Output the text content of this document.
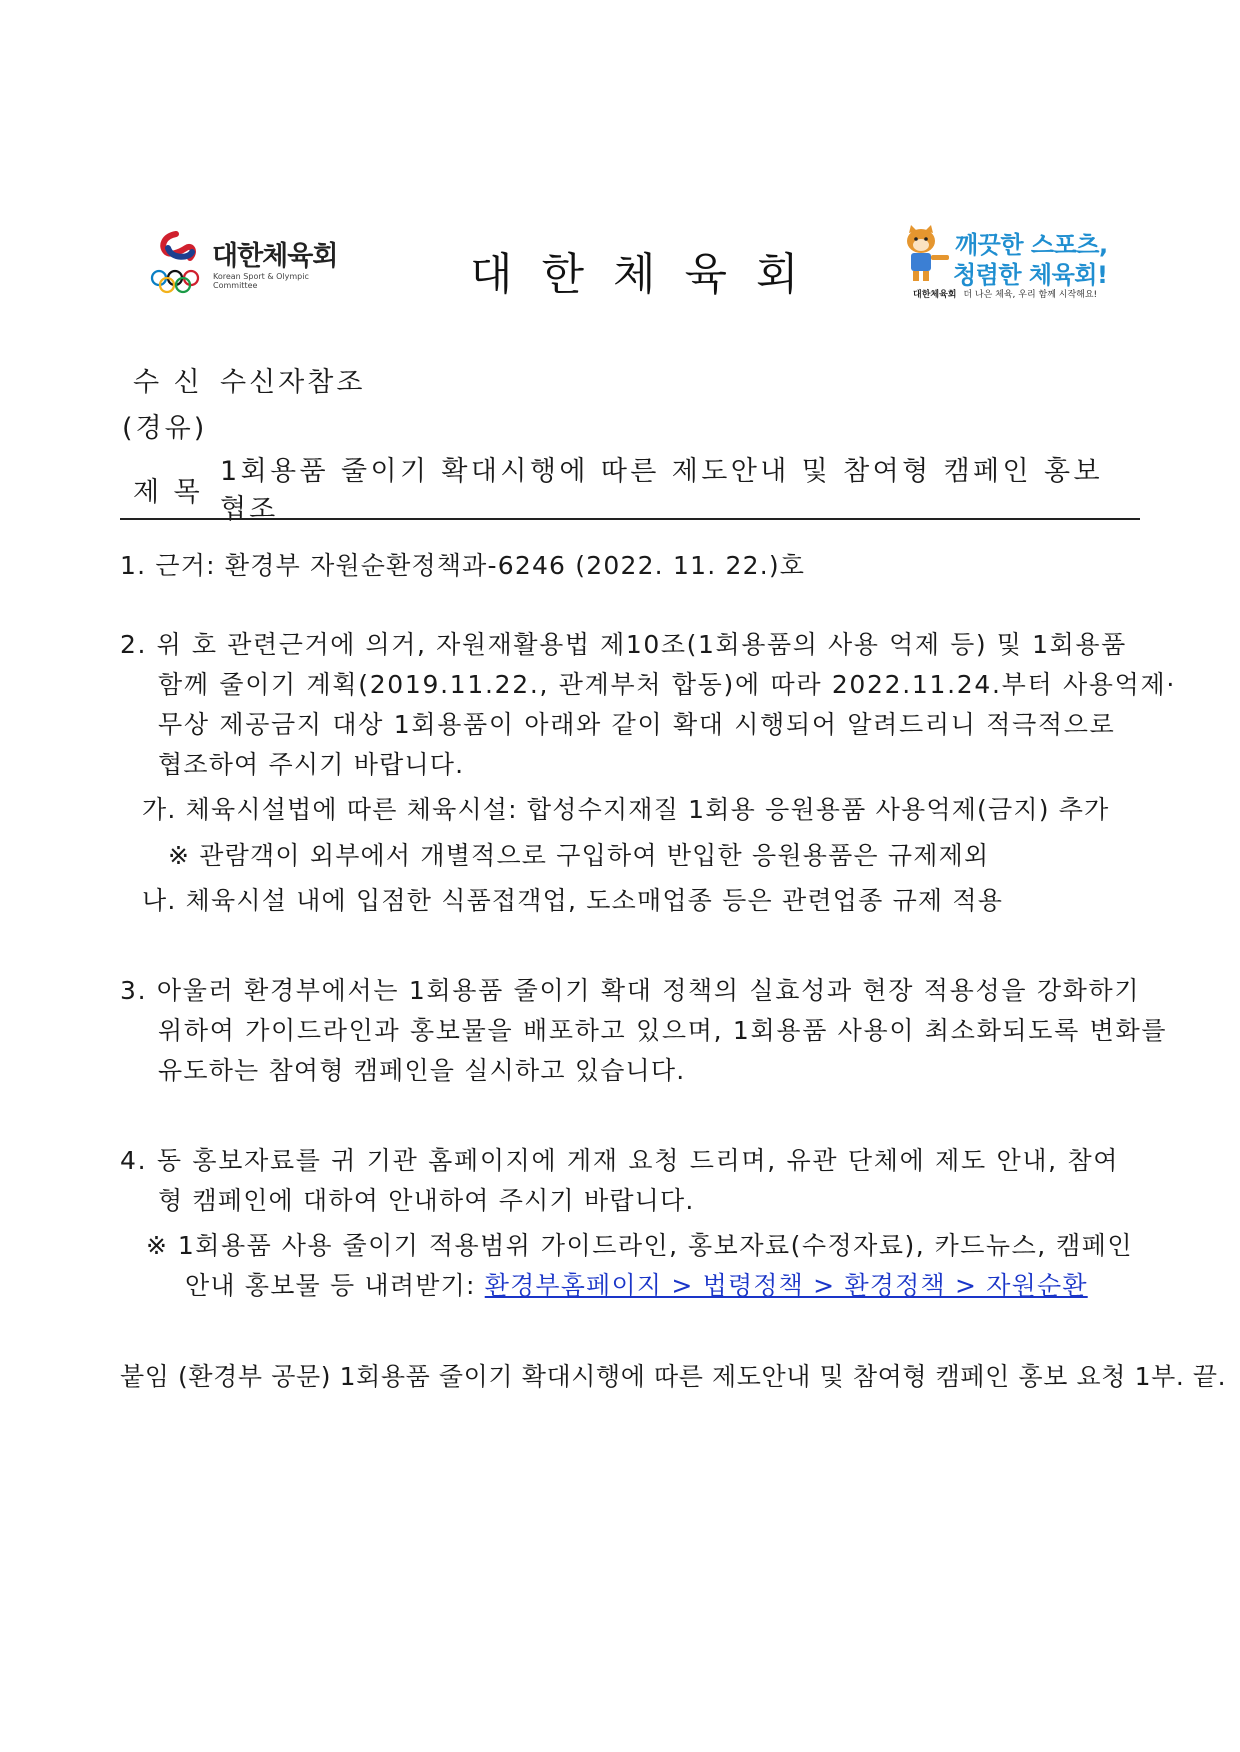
대한체육회
Korean Sport & Olympic Committee	대한체육회
깨끗한 스포츠,
청렴한 체육회!
대한체육회 더 나은 체육, 우리 함께 시작해요!
수 신 수신자참조
(경유)
제 목
1회용품 줄이기 확대시행에 따른 제도안내 및 참여형 캠페인 홍보
협조
1. 근거: 환경부 자원순환정책과-6246 (2022. 11. 22.)호
2. 위 호 관련근거에 의거, 자원재활용법 제10조(1회용품의 사용 억제 등) 및 1회용품
함께 줄이기 계획(2019.11.22., 관계부처 합동)에 따라 2022.11.24.부터 사용억제·
무상 제공금지 대상 1회용품이 아래와 같이 확대 시행되어 알려드리니 적극적으로
협조하여 주시기 바랍니다.
가. 체육시설법에 따른 체육시설: 합성수지재질 1회용 응원용품 사용억제(금지) 추가
※ 관람객이 외부에서 개별적으로 구입하여 반입한 응원용품은 규제제외
나. 체육시설 내에 입점한 식품접객업, 도소매업종 등은 관련업종 규제 적용
3. 아울러 환경부에서는 1회용품 줄이기 확대 정책의 실효성과 현장 적용성을 강화하기
위하여 가이드라인과 홍보물을 배포하고 있으며, 1회용품 사용이 최소화되도록 변화를
유도하는 참여형 캠페인을 실시하고 있습니다.
4. 동 홍보자료를 귀 기관 홈페이지에 게재 요청 드리며, 유관 단체에 제도 안내, 참여
형 캠페인에 대하여 안내하여 주시기 바랍니다.
※ 1회용품 사용 줄이기 적용범위 가이드라인, 홍보자료(수정자료), 카드뉴스, 캠페인
안내 홍보물 등 내려받기: 환경부홈페이지 > 법령정책 > 환경정책 > 자원순환
붙임 (환경부 공문) 1회용품 줄이기 확대시행에 따른 제도안내 및 참여형 캠페인 홍보 요청 1부. 끝.
